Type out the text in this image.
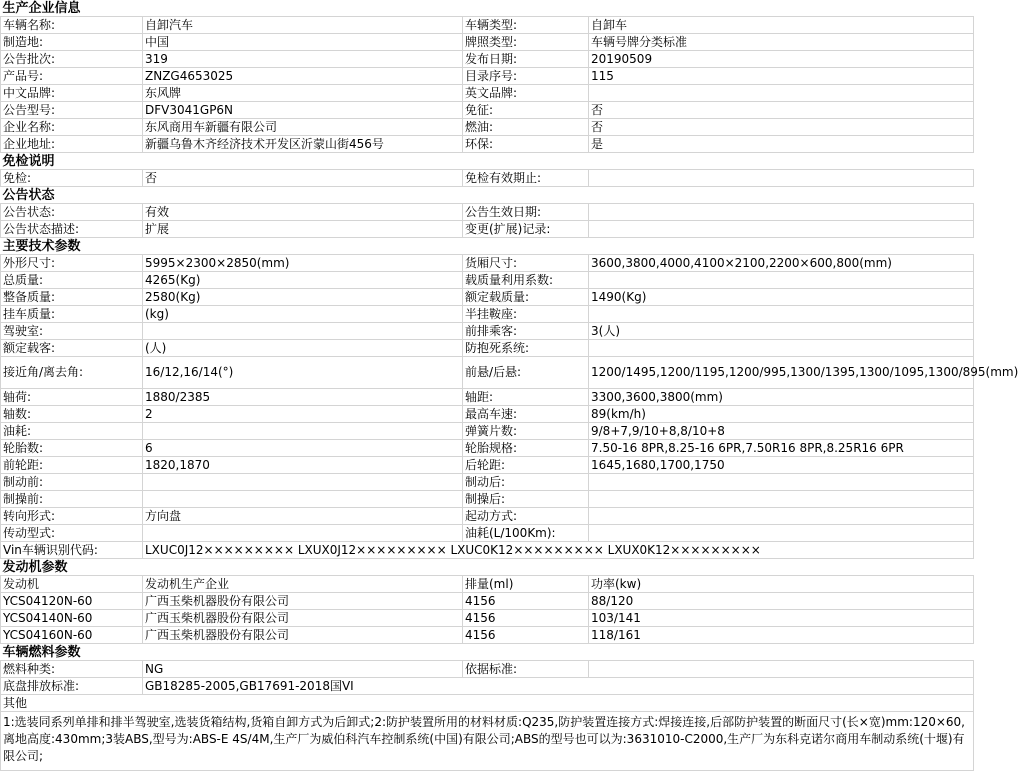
生产企业信息			
车辆名称:	自卸汽车	车辆类型:	自卸车
制造地:	中国	牌照类型:	车辆号牌分类标准
公告批次:	319	发布日期:	20190509
产品号:	ZNZG4653025	目录序号:	115
中文品牌:	东风牌	英文品牌:	
公告型号:	DFV3041GP6N	免征:	否
企业名称:	东风商用车新疆有限公司	燃油:	否
企业地址:	新疆乌鲁木齐经济技术开发区沂蒙山街456号	环保:	是
免检说明			
免检:	否	免检有效期止:	
公告状态			
公告状态:	有效	公告生效日期:	
公告状态描述:	扩展	变更(扩展)记录:	
主要技术参数			
外形尺寸:	5995×2300×2850(mm)	货厢尺寸:	3600,3800,4000,4100×2100,2200×600,800(mm)
总质量:	4265(Kg)	载质量利用系数:	
整备质量:	2580(Kg)	额定载质量:	1490(Kg)
挂车质量:	(kg)	半挂鞍座:	
驾驶室:		前排乘客:	3(人)
额定载客:	(人)	防抱死系统:	
接近角/离去角:	16/12,16/14(°)	前悬/后悬:	1200/1495,1200/1195,1200/995,1300/1395,1300/1095,1300/895(mm)
轴荷:	1880/2385	轴距:	3300,3600,3800(mm)
轴数:	2	最高车速:	89(km/h)
油耗:		弹簧片数:	9/8+7,9/10+8,8/10+8
轮胎数:	6	轮胎规格:	7.50-16 8PR,8.25-16 6PR,7.50R16 8PR,8.25R16 6PR
前轮距:	1820,1870	后轮距:	1645,1680,1700,1750
制动前:		制动后:	
制操前:		制操后:	
转向形式:	方向盘	起动方式:	
传动型式:		油耗(L/100Km):	
Vin车辆识别代码:	LXUC0J12××××××××× LXUX0J12××××××××× LXUC0K12××××××××× LXUX0K12×××××××××		
发动机参数			
发动机	发动机生产企业	排量(ml)	功率(kw)
YCS04120N-60	广西玉柴机器股份有限公司	4156	88/120
YCS04140N-60	广西玉柴机器股份有限公司	4156	103/141
YCS04160N-60	广西玉柴机器股份有限公司	4156	118/161
车辆燃料参数			
燃料种类:	NG	依据标准:	
底盘排放标准:	GB18285-2005,GB17691-2018国VI		
其他			
1:选装同系列单排和排半驾驶室,选装货箱结构,货箱自卸方式为后卸式;2:防护装置所用的材料材质:Q235,防护装置连接方式:焊接连接,后部防护装置的断面尺寸(长×宽)mm:120×60,离地高度:430mm;3装ABS,型号为:ABS-E 4S/4M,生产厂为威伯科汽车控制系统(中国)有限公司;ABS的型号也可以为:3631010-C2000,生产厂为东科克诺尔商用车制动系统(十堰)有限公司;			
